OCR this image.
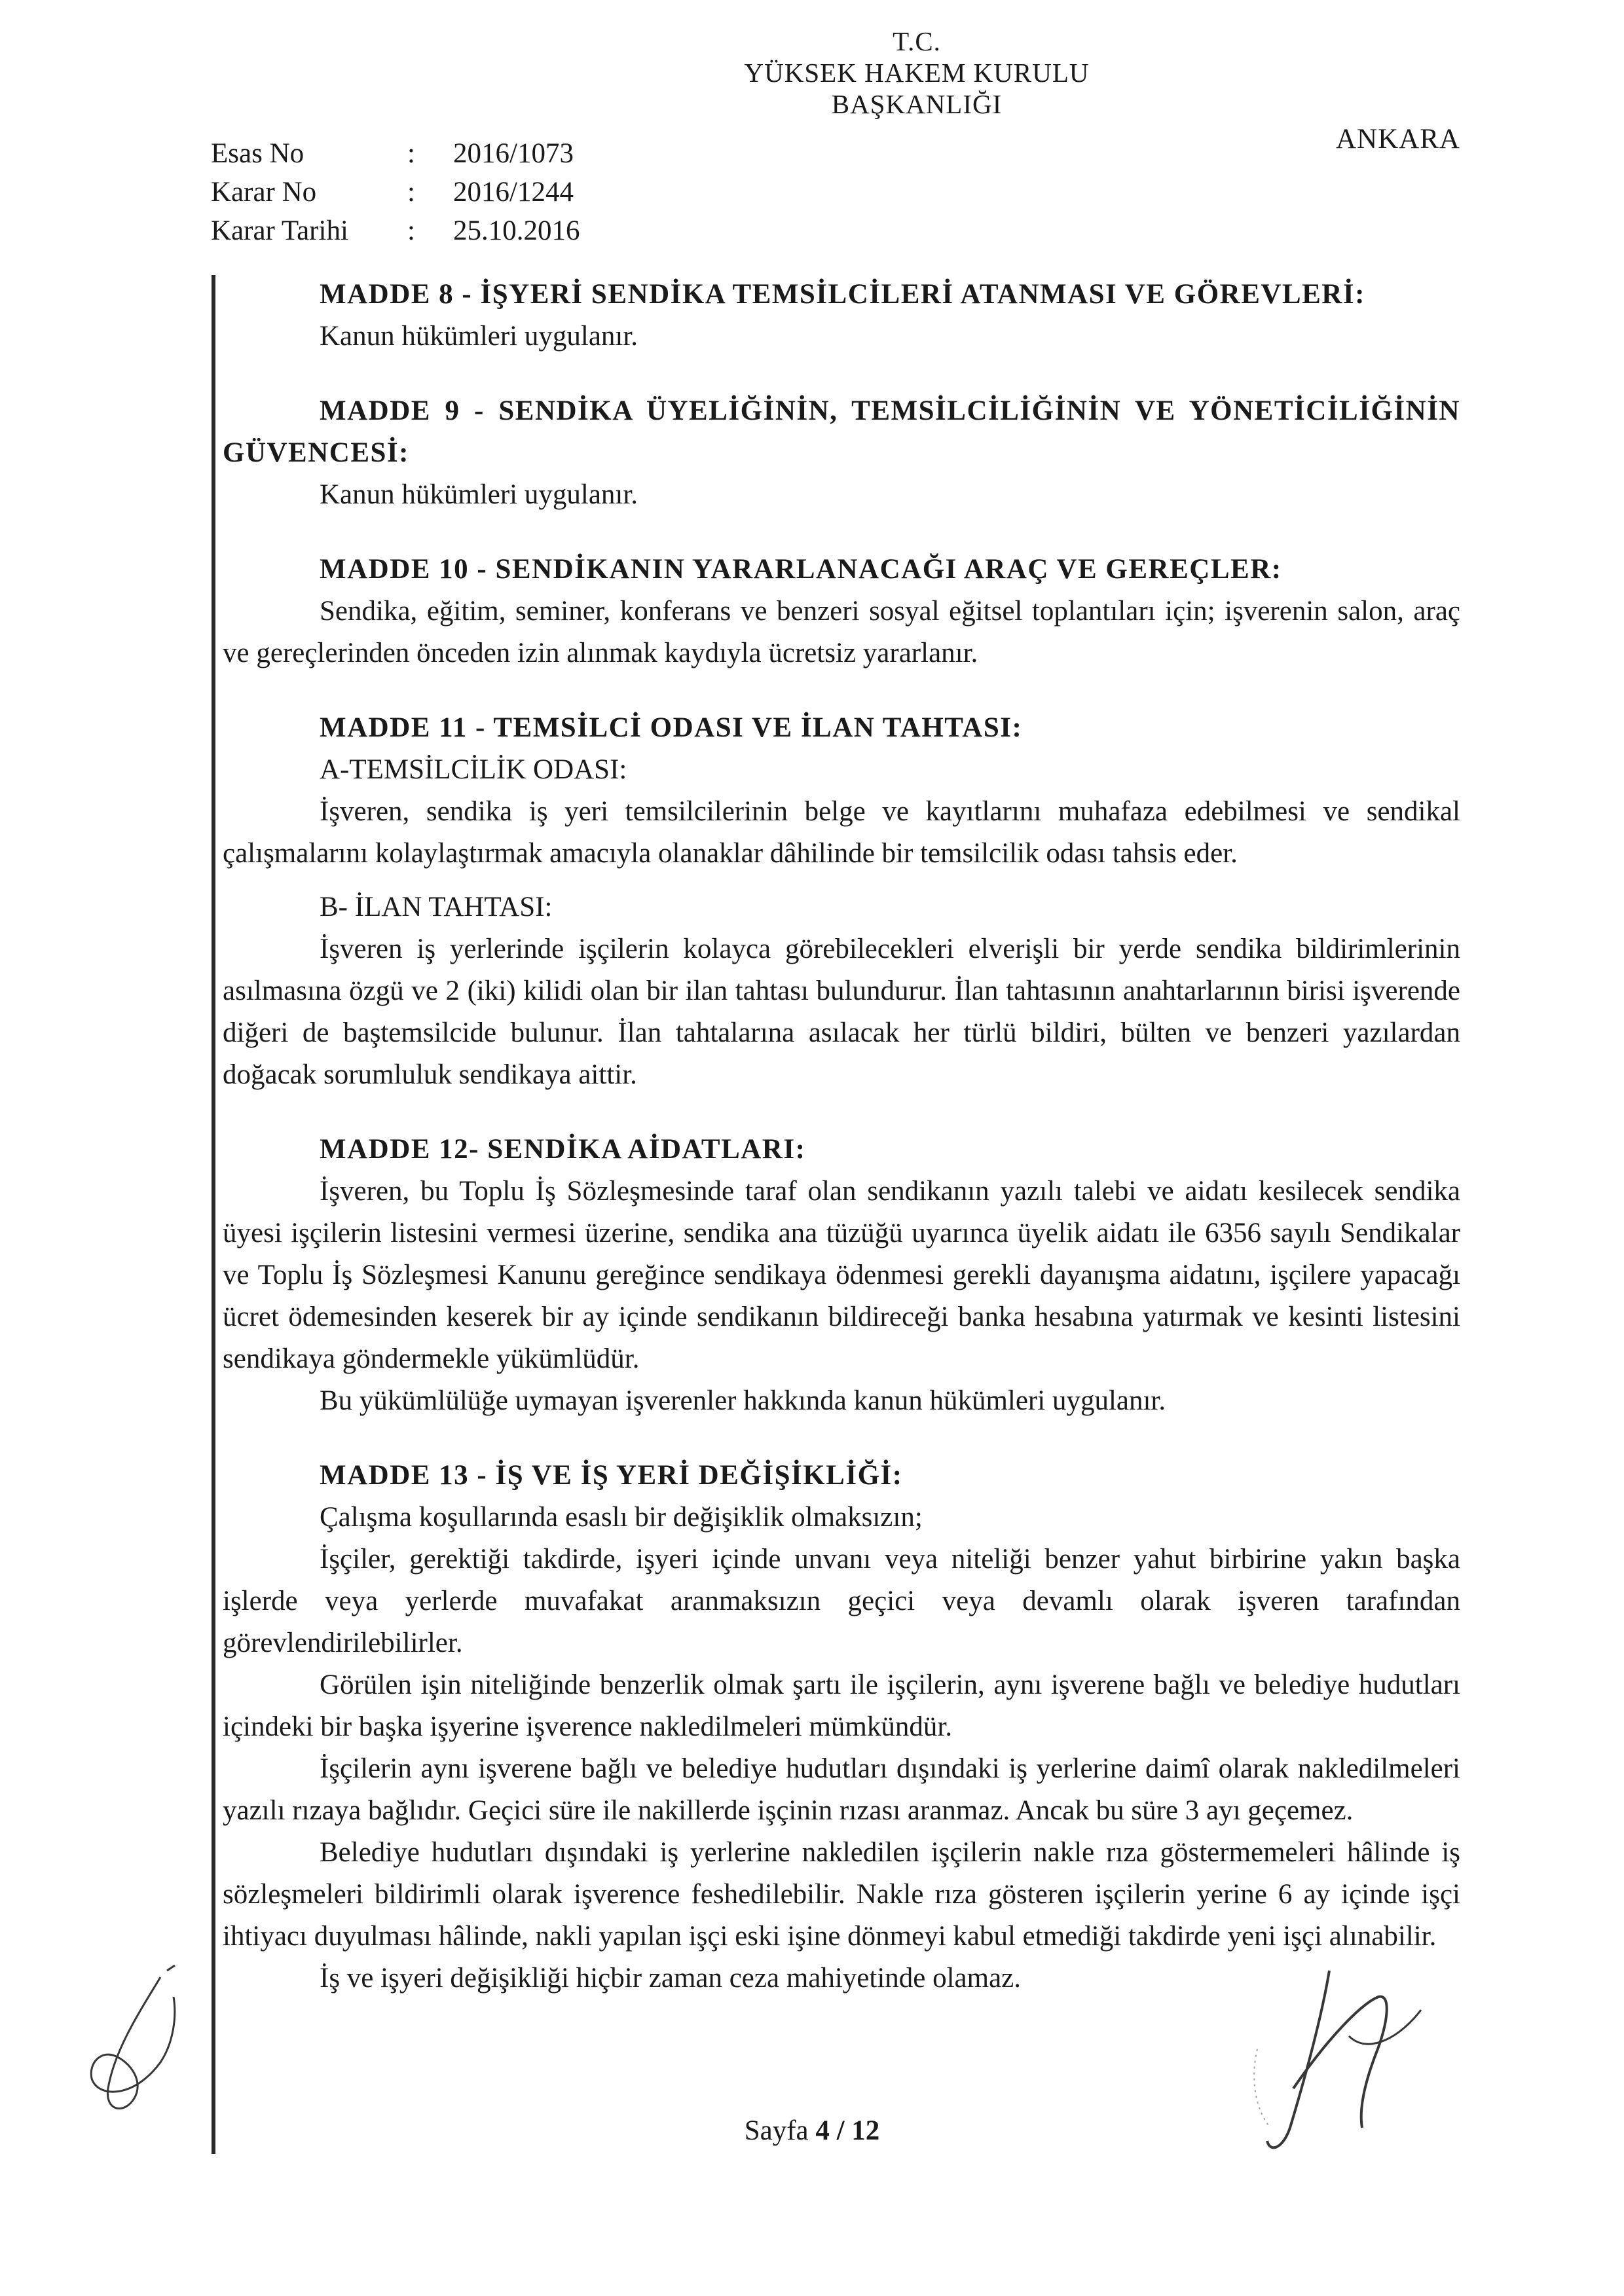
T.C.
YÜKSEK HAKEM KURULU
BAŞKANLIĞI
Esas No	:	2016/1073
Karar No	:	2016/1244
Karar Tarihi	:	25.10.2016
ANKARA
MADDE 8 - İŞYERİ SENDİKA TEMSİLCİLERİ ATANMASI VE GÖREVLERİ:

Kanun hükümleri uygulanır.

MADDE 9 - SENDİKA ÜYELİĞİNİN, TEMSİLCİLİĞİNİN VE YÖNETİCİLİĞİNİN GÜVENCESİ:

Kanun hükümleri uygulanır.

MADDE 10 - SENDİKANIN YARARLANACAĞI ARAÇ VE GEREÇLER:

Sendika, eğitim, seminer, konferans ve benzeri sosyal eğitsel toplantıları için; işverenin salon, araç ve gereçlerinden önceden izin alınmak kaydıyla ücretsiz yararlanır.

MADDE 11 - TEMSİLCİ ODASI VE İLAN TAHTASI:
A-TEMSİLCİLİK ODASI:

İşveren, sendika iş yeri temsilcilerinin belge ve kayıtlarını muhafaza edebilmesi ve sendikal çalışmalarını kolaylaştırmak amacıyla olanaklar dâhilinde bir temsilcilik odası tahsis eder.

B- İLAN TAHTASI:

İşveren iş yerlerinde işçilerin kolayca görebilecekleri elverişli bir yerde sendika bildirimlerinin asılmasına özgü ve 2 (iki) kilidi olan bir ilan tahtası bulundurur. İlan tahtasının anahtarlarının birisi işverende diğeri de baştemsilcide bulunur. İlan tahtalarına asılacak her türlü bildiri, bülten ve benzeri yazılardan doğacak sorumluluk sendikaya aittir.

MADDE 12- SENDİKA AİDATLARI:

İşveren, bu Toplu İş Sözleşmesinde taraf olan sendikanın yazılı talebi ve aidatı kesilecek sendika üyesi işçilerin listesini vermesi üzerine, sendika ana tüzüğü uyarınca üyelik aidatı ile 6356 sayılı Sendikalar ve Toplu İş Sözleşmesi Kanunu gereğince sendikaya ödenmesi gerekli dayanışma aidatını, işçilere yapacağı ücret ödemesinden keserek bir ay içinde sendikanın bildireceği banka hesabına yatırmak ve kesinti listesini sendikaya göndermekle yükümlüdür.

Bu yükümlülüğe uymayan işverenler hakkında kanun hükümleri uygulanır.

MADDE 13 - İŞ VE İŞ YERİ DEĞİŞİKLİĞİ:

Çalışma koşullarında esaslı bir değişiklik olmaksızın;

İşçiler, gerektiği takdirde, işyeri içinde unvanı veya niteliği benzer yahut birbirine yakın başka işlerde veya yerlerde muvafakat aranmaksızın geçici veya devamlı olarak işveren tarafından görevlendirilebilirler.

Görülen işin niteliğinde benzerlik olmak şartı ile işçilerin, aynı işverene bağlı ve belediye hudutları içindeki bir başka işyerine işverence nakledilmeleri mümkündür.

İşçilerin aynı işverene bağlı ve belediye hudutları dışındaki iş yerlerine daimî olarak nakledilmeleri yazılı rızaya bağlıdır. Geçici süre ile nakillerde işçinin rızası aranmaz. Ancak bu süre 3 ayı geçemez.

Belediye hudutları dışındaki iş yerlerine nakledilen işçilerin nakle rıza göstermemeleri hâlinde iş sözleşmeleri bildirimli olarak işverence feshedilebilir. Nakle rıza gösteren işçilerin yerine 6 ay içinde işçi ihtiyacı duyulması hâlinde, nakli yapılan işçi eski işine dönmeyi kabul etmediği takdirde yeni işçi alınabilir.

İş ve işyeri değişikliği hiçbir zaman ceza mahiyetinde olamaz.

Sayfa 4 / 12
